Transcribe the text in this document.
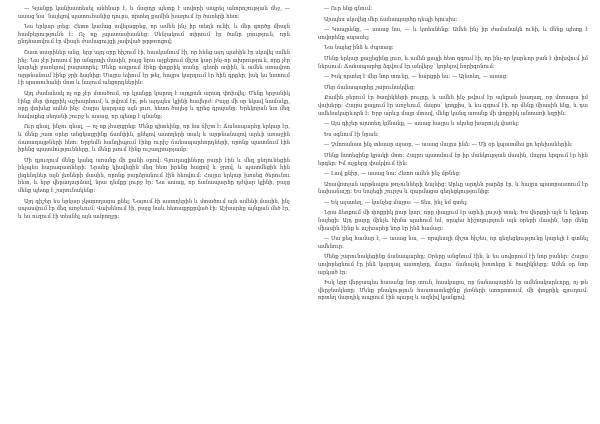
— Կյանքը կանխատեսել անհնար է, և մարդը պետք է սովորի ապրել անորոշության մեջ, — ասաց նա՝ նայելով պատուհանից դուրս, որտեղ քամին խաղում էր ծառերի հետ։

Նա երկար լռեց։ Հետո կամաց ավելացրեց, որ ամեն ինչ իր տեղն ունի, և մեր գործը միայն համբերությունն է։ Ոչ ոք չպատասխանեց։ Սենյակում տիրում էր ծանր լռություն, որն ընդհատվում էր միայն ժամացույցի չափված թրթռոցով։

Շատ տարիներ անց, երբ այդ օրը հիշում էի, հասկանում էի, որ հենց այդ պահին էր սկսվել ամեն ինչ։ Նա չէր խոսում իր անցյալի մասին, բայց նրա աչքերում միշտ կար ինչ-որ տխրություն, որը չէր կարելի բառերով բացատրել։ Մենք ապրում էինք փոքրիկ տանը՝ գետի ափին, և ամեն առավոտ արթնանում էինք ջրի ձայնից։ Մայրս եփում էր թեյ, հայրս կարդում էր հին գրքեր, իսկ ես նստում էի պատուհանի մոտ և նայում անցորդներին։

Այդ ժամանակ ոչ ոք չէր մտածում, որ կյանքը կարող է այդքան արագ փոխվել։ Մենք երջանիկ էինք մեր փոքրիկ աշխարհում, և թվում էր, թե այդպես կլինի հավերժ։ Բայց մի օր եկավ նամակը, որը փոխեց ամեն ինչ։ Հայրս կարդաց այն լուռ, հետո ծալեց և դրեց գրպանը։ Երեկոյան նա մեզ հավաքեց սեղանի շուրջ և ասաց, որ պետք է գնանք։

Ուր գնալ, ինչու գնալ, — ոչ ոք չհարցրեց։ Մենք գիտեինք, որ նա ճիշտ է։ Ճանապարհը երկար էր, և մենք շատ օրեր անցկացրինք ճամփին, քնելով աստղերի տակ և արթնանալով արևի առաջին ճառագայթների հետ։ Երբեմն հանդիպում էինք ուրիշ ճանապարհորդների, որոնք պատմում էին իրենց պատմությունները, և մենք լսում էինք ուշադրությամբ։

Մի գյուղում մենք կանգ առանք մի քանի օրով։ Գյուղացիները բարի էին և մեզ ընդունեցին ինչպես հարազատների։ Նրանք կիսվեցին մեզ հետ իրենց հացով և ջրով, և պատմեցին հին լեգենդներ այն լեռների մասին, որոնք բարձրանում էին հեռվում։ Հայրս երկար խոսեց ծերունու հետ, և երբ վերադարձավ, նրա դեմքը լուրջ էր։ Նա ասաց, որ ճանապարհը դժվար կլինի, բայց մենք պետք է շարունակենք։

Այդ գիշեր ես երկար չկարողացա քնել։ Նայում էի աստղերին և մտածում այն ամենի մասին, ինչ սպասվում էր մեզ առջևում։ Վախենում էի, բայց նաև հետաքրքրված էի։ Աշխարհը այնքան մեծ էր, և ես ուզում էի տեսնել այն ամբողջը։

— Ուր ենք գնում։

Այսպես սկսվեց մեր ճանապարհը դեպի հյուսիս։

— Կապրենք, — ասաց նա, — և կտեսնենք։ Ամեն ինչ իր ժամանակն ունի, և մենք պետք է սովորենք սպասել։

Նա նայեց ինձ և ժպտաց։

Մենք երկար քայլեցինք լուռ, և ամեն քայլի հետ զգում էի, որ ինչ-որ կարևոր բան է փոխվում իմ ներսում։ Ճանապարհը ձգվում էր անվերջ՝ կորելով հորիզոնում։

— Իսկ որտեղ է մեր նոր տունը, — հարցրի ես։ — Այնտեղ, — ասաց։

Մեր ճանապարհը շարունակվեց։

Քամին բերում էր ծաղիկների բույրը, և ամեն ինչ թվում էր այնքան խաղաղ, որ մոռացա իմ վախերը։ Հայրս քայլում էր առջևում, մայրս՝ կողքիս, և ես զգում էի, որ մենք միասին ենք, և դա ամենակարևորն է։ Երբ արևը մայր մտավ, մենք կանգ առանք մի փոքրիկ անտառի եզրին։

— Այս գիշեր այստեղ կմնանք, — ասաց հայրս և սկսեց խարույկ վառել։

Ես օգնում էի նրան։

— Չմոռանաս ինչ տեսար այսօր, — ասաց մայրս ինձ։ — Մի օր կպատմես քո երեխաներին։

Մենք նստեցինք կրակի մոտ։ Հայրս պատմում էր իր մանկության մասին, մայրս երգում էր հին երգեր։ Իմ աչքերը փակվում էին։

— Լավ քնիր, — ասաց նա։ Հետո ամեն ինչ մթնեց։

Առավոտյան արթնացա թռչունների ձայնից։ Արևը արդեն բարձր էր, և հայրս պատրաստում էր նախաճաշը։ Ես նայեցի շուրջս և զարմացա գեղեցկությունից։

— Եկ այստեղ, — կանչեց մայրս։ — Տես, ինչ եմ գտել։

Նրա ձեռքում մի փոքրիկ քար կար, որը փայլում էր արևի լույսի տակ։ Ես վերցրի այն և երկար նայեցի։ Այդ քարը մինչև հիմա պահում եմ, որպես հիշողություն այն օրերի մասին, երբ մենք միասին էինք և աշխարհը նոր էր ինձ համար։

— Սա քեզ համար է, — ասաց նա, — որպեսզի միշտ հիշես, որ գեղեցկությունը կարելի է գտնել ամենուր։

Մենք շարունակեցինք ճանապարհը։ Օրերը անցնում էին, և ես սովորում էի նոր բաներ։ Հայրս սովորեցնում էր ինձ կարդալ աստղերը, մայրս՝ ճանաչել խոտերը և ծաղիկները։ Ամեն օր նոր արկած էր։

Իսկ երբ վերջապես հասանք նոր տուն, հասկացա, որ ճանապարհն էր ամենակարևորը, ոչ թե վերջնակետը։ Մենք բնակություն հաստատեցինք լեռների ստորոտում, մի փոքրիկ գյուղում, որտեղ մարդիկ ապրում էին պարզ և ազնիվ կյանքով։
